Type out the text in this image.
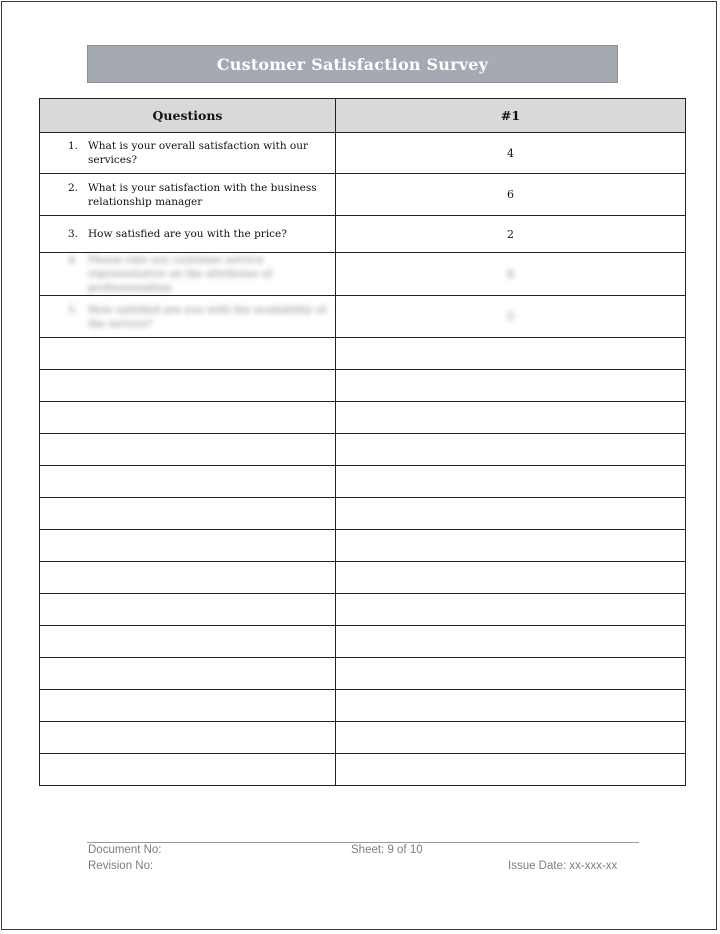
Customer Satisfaction Survey
Questions	#1

1. What is your overall satisfaction with our services?	4

2. What is your satisfaction with the business relationship manager	6

3. How satisfied are you with the price?	2

4. Please rate our customer service representative on the attributes of professionalism	8

5. How satisfied are you with the availability of the service?	5

Document No:
Revision No:
Sheet: 9 of 10
Issue Date: xx-xxx-xx
